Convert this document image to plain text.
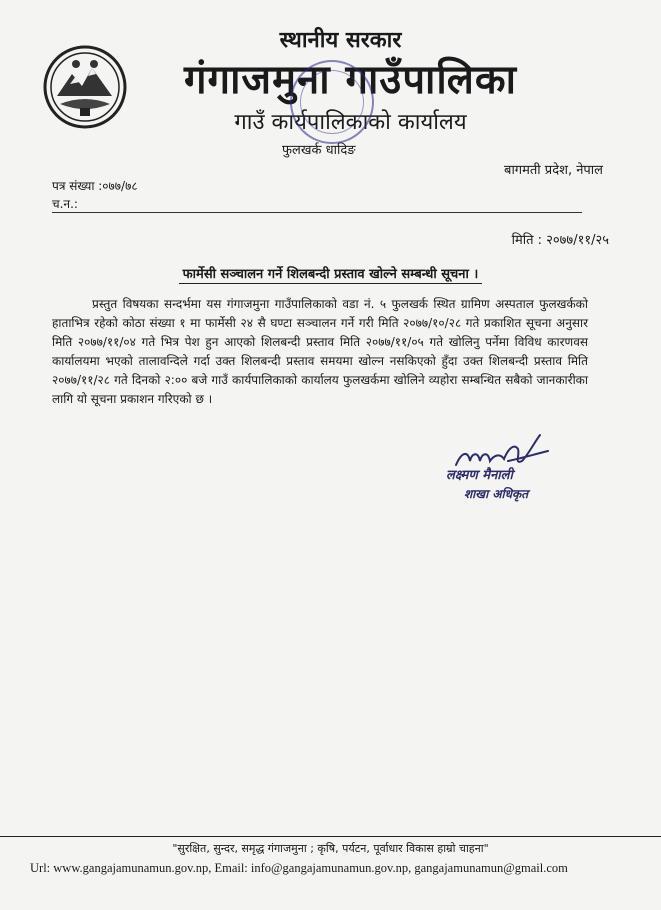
स्थानीय सरकार
गंगाजमुना गाउँपालिका
गाउँ कार्यपालिकाको कार्यालय
फुलखर्क धादिङ
बागमती प्रदेश, नेपाल
पत्र संख्या :०७७/७८
च.न.:
मिति : २०७७/११/२५
फार्मेसी सञ्चालन गर्ने शिलबन्दी प्रस्ताव खोल्ने सम्बन्धी सूचना ।
प्रस्तुत विषयका सन्दर्भमा यस गंगाजमुना गाउँपालिकाको वडा नं. ५ फुलखर्क स्थित ग्रामिण अस्पताल फुलखर्कको हाताभित्र रहेको कोठा संख्या १ मा फार्मेसी २४ सै घण्टा सञ्चालन गर्ने गरी मिति २०७७/१०/२८ गते प्रकाशित सूचना अनुसार मिति २०७७/११/०४ गते भित्र पेश हुन आएको शिलबन्दी प्रस्ताव मिति २०७७/११/०५ गते खोलिनु पर्नेमा विविध कारणवस कार्यालयमा भएको तालावन्दिले गर्दा उक्त शिलबन्दी प्रस्ताव समयमा खोल्न नसकिएको हुँदा उक्त शिलबन्दी प्रस्ताव मिति २०७७/११/२८ गते दिनको २:०० बजे गाउँ कार्यपालिकाको कार्यालय फुलखर्कमा खोलिने व्यहोरा सम्बन्धित सबैको जानकारीका लागि यो सूचना प्रकाशन गरिएको छ ।
लक्ष्मण मैनाली
शाखा अधिकृत
"सुरक्षित, सुन्दर, समृद्ध गंगाजमुना ; कृषि, पर्यटन, पूर्वाधार विकास हाम्रो चाहना"
Url: www.gangajamunamun.gov.np, Email: info@gangajamunamun.gov.np, gangajamunamun@gmail.com
